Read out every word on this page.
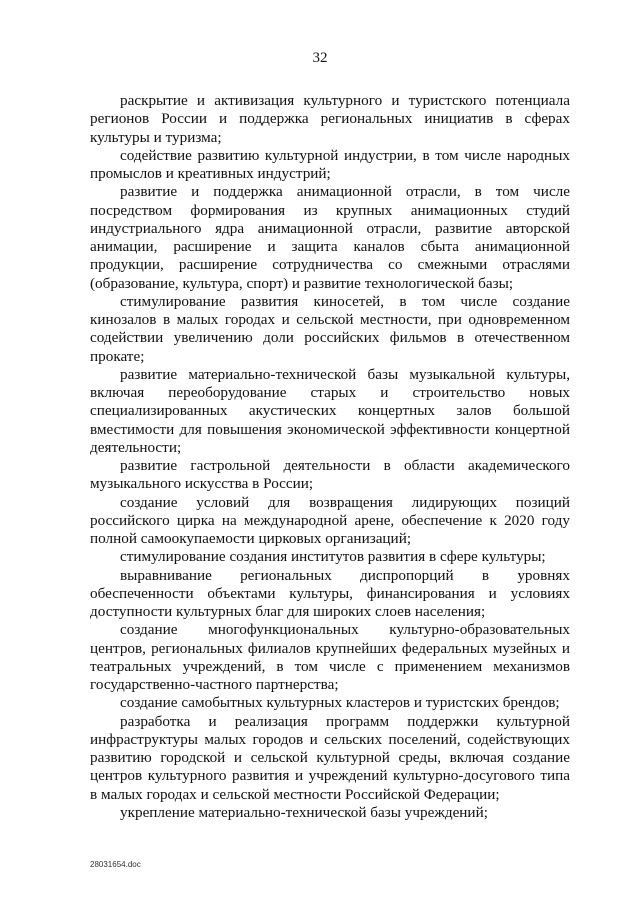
32

раскрытие и активизация культурного и туристского потенциала регионов России и поддержка региональных инициатив в сферах культуры и туризма;

содействие развитию культурной индустрии, в том числе народных промыслов и креативных индустрий;

развитие и поддержка анимационной отрасли, в том числе посредством формирования из крупных анимационных студий индустриального ядра анимационной отрасли, развитие авторской анимации, расширение и защита каналов сбыта анимационной продукции, расширение сотрудничества со смежными отраслями (образование, культура, спорт) и развитие технологической базы;

стимулирование развития киносетей, в том числе создание кинозалов в малых городах и сельской местности, при одновременном содействии увеличению доли российских фильмов в отечественном прокате;

развитие материально-технической базы музыкальной культуры, включая переоборудование старых и строительство новых специализированных акустических концертных залов большой вместимости для повышения экономической эффективности концертной деятельности;

развитие гастрольной деятельности в области академического музыкального искусства в России;

создание условий для возвращения лидирующих позиций российского цирка на международной арене, обеспечение к 2020 году полной самоокупаемости цирковых организаций;

стимулирование создания институтов развития в сфере культуры;

выравнивание региональных диспропорций в уровнях обеспеченности объектами культуры, финансирования и условиях доступности культурных благ для широких слоев населения;

создание многофункциональных культурно-образовательных центров, региональных филиалов крупнейших федеральных музейных и театральных учреждений, в том числе с применением механизмов государственно-частного партнерства;

создание самобытных культурных кластеров и туристских брендов;

разработка и реализация программ поддержки культурной инфраструктуры малых городов и сельских поселений, содействующих развитию городской и сельской культурной среды, включая создание центров культурного развития и учреждений культурно-досугового типа в малых городах и сельской местности Российской Федерации;

укрепление материально-технической базы учреждений;

28031654.doc
